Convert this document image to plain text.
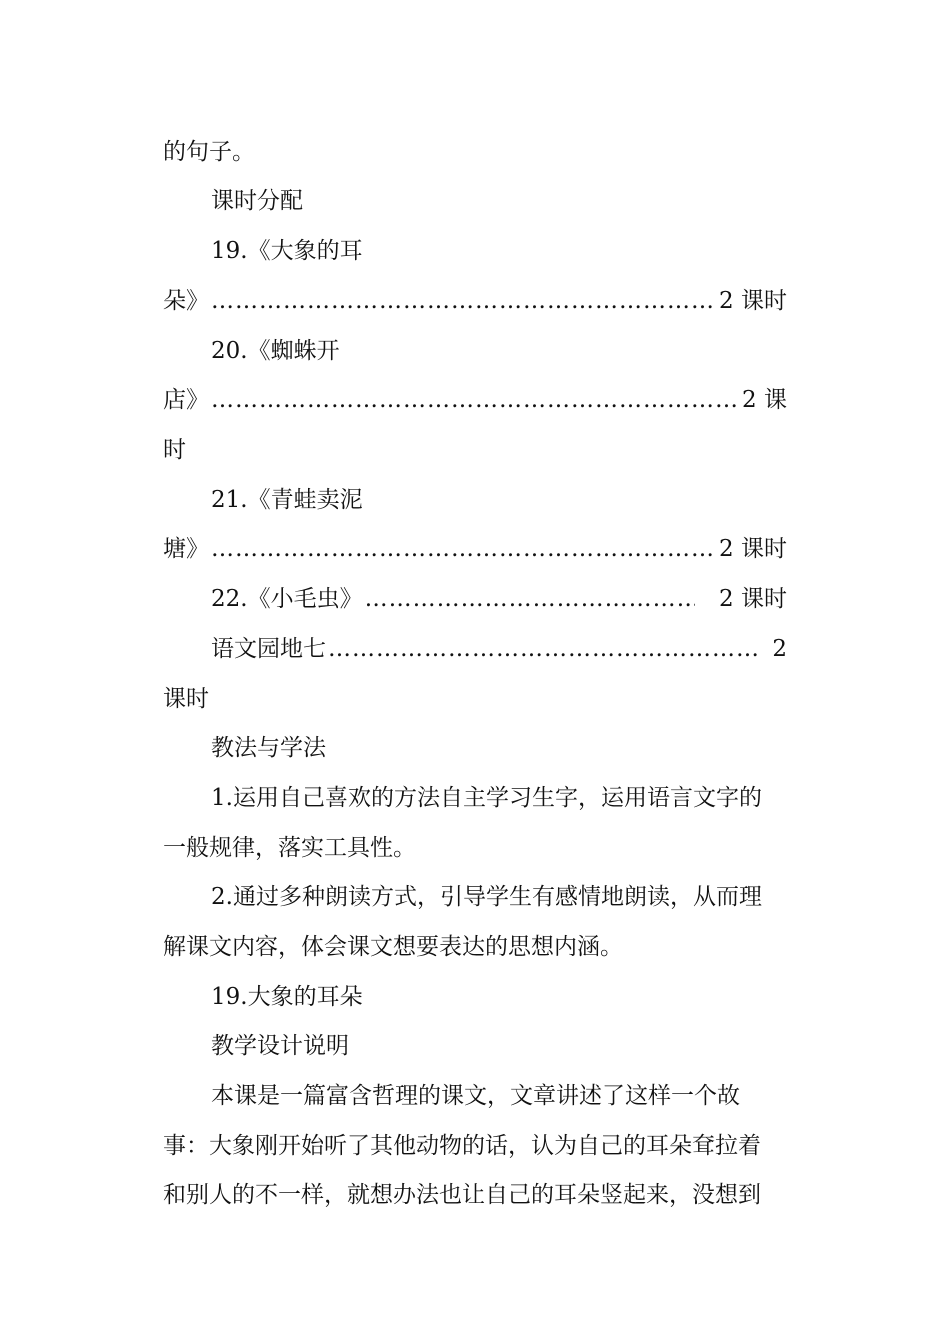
的句子。
课时分配
19.《大象的耳
朵》 …………………………………………………………………………………………………………………………………………………………	2 课时
20.《蜘蛛开
店》 …………………………………………………………………………………………………………………………………………………………	2 课
时
21.《青蛙卖泥
塘》 …………………………………………………………………………………………………………………………………………………………	2 课时
22.《小毛虫》 …………………………………………………………………………………………………………………………………………………………	2 课时
语文园地七 …………………………………………………………………………………………………………………………………………………………	2
课时
教法与学法
1.运用自己喜欢的方法自主学习生字，运用语言文字的
一般规律，落实工具性。
2.通过多种朗读方式，引导学生有感情地朗读，从而理
解课文内容，体会课文想要表达的思想内涵。
19.大象的耳朵
教学设计说明
本课是一篇富含哲理的课文，文章讲述了这样一个故
事：大象刚开始听了其他动物的话，认为自己的耳朵耷拉着
和别人的不一样，就想办法也让自己的耳朵竖起来，没想到
